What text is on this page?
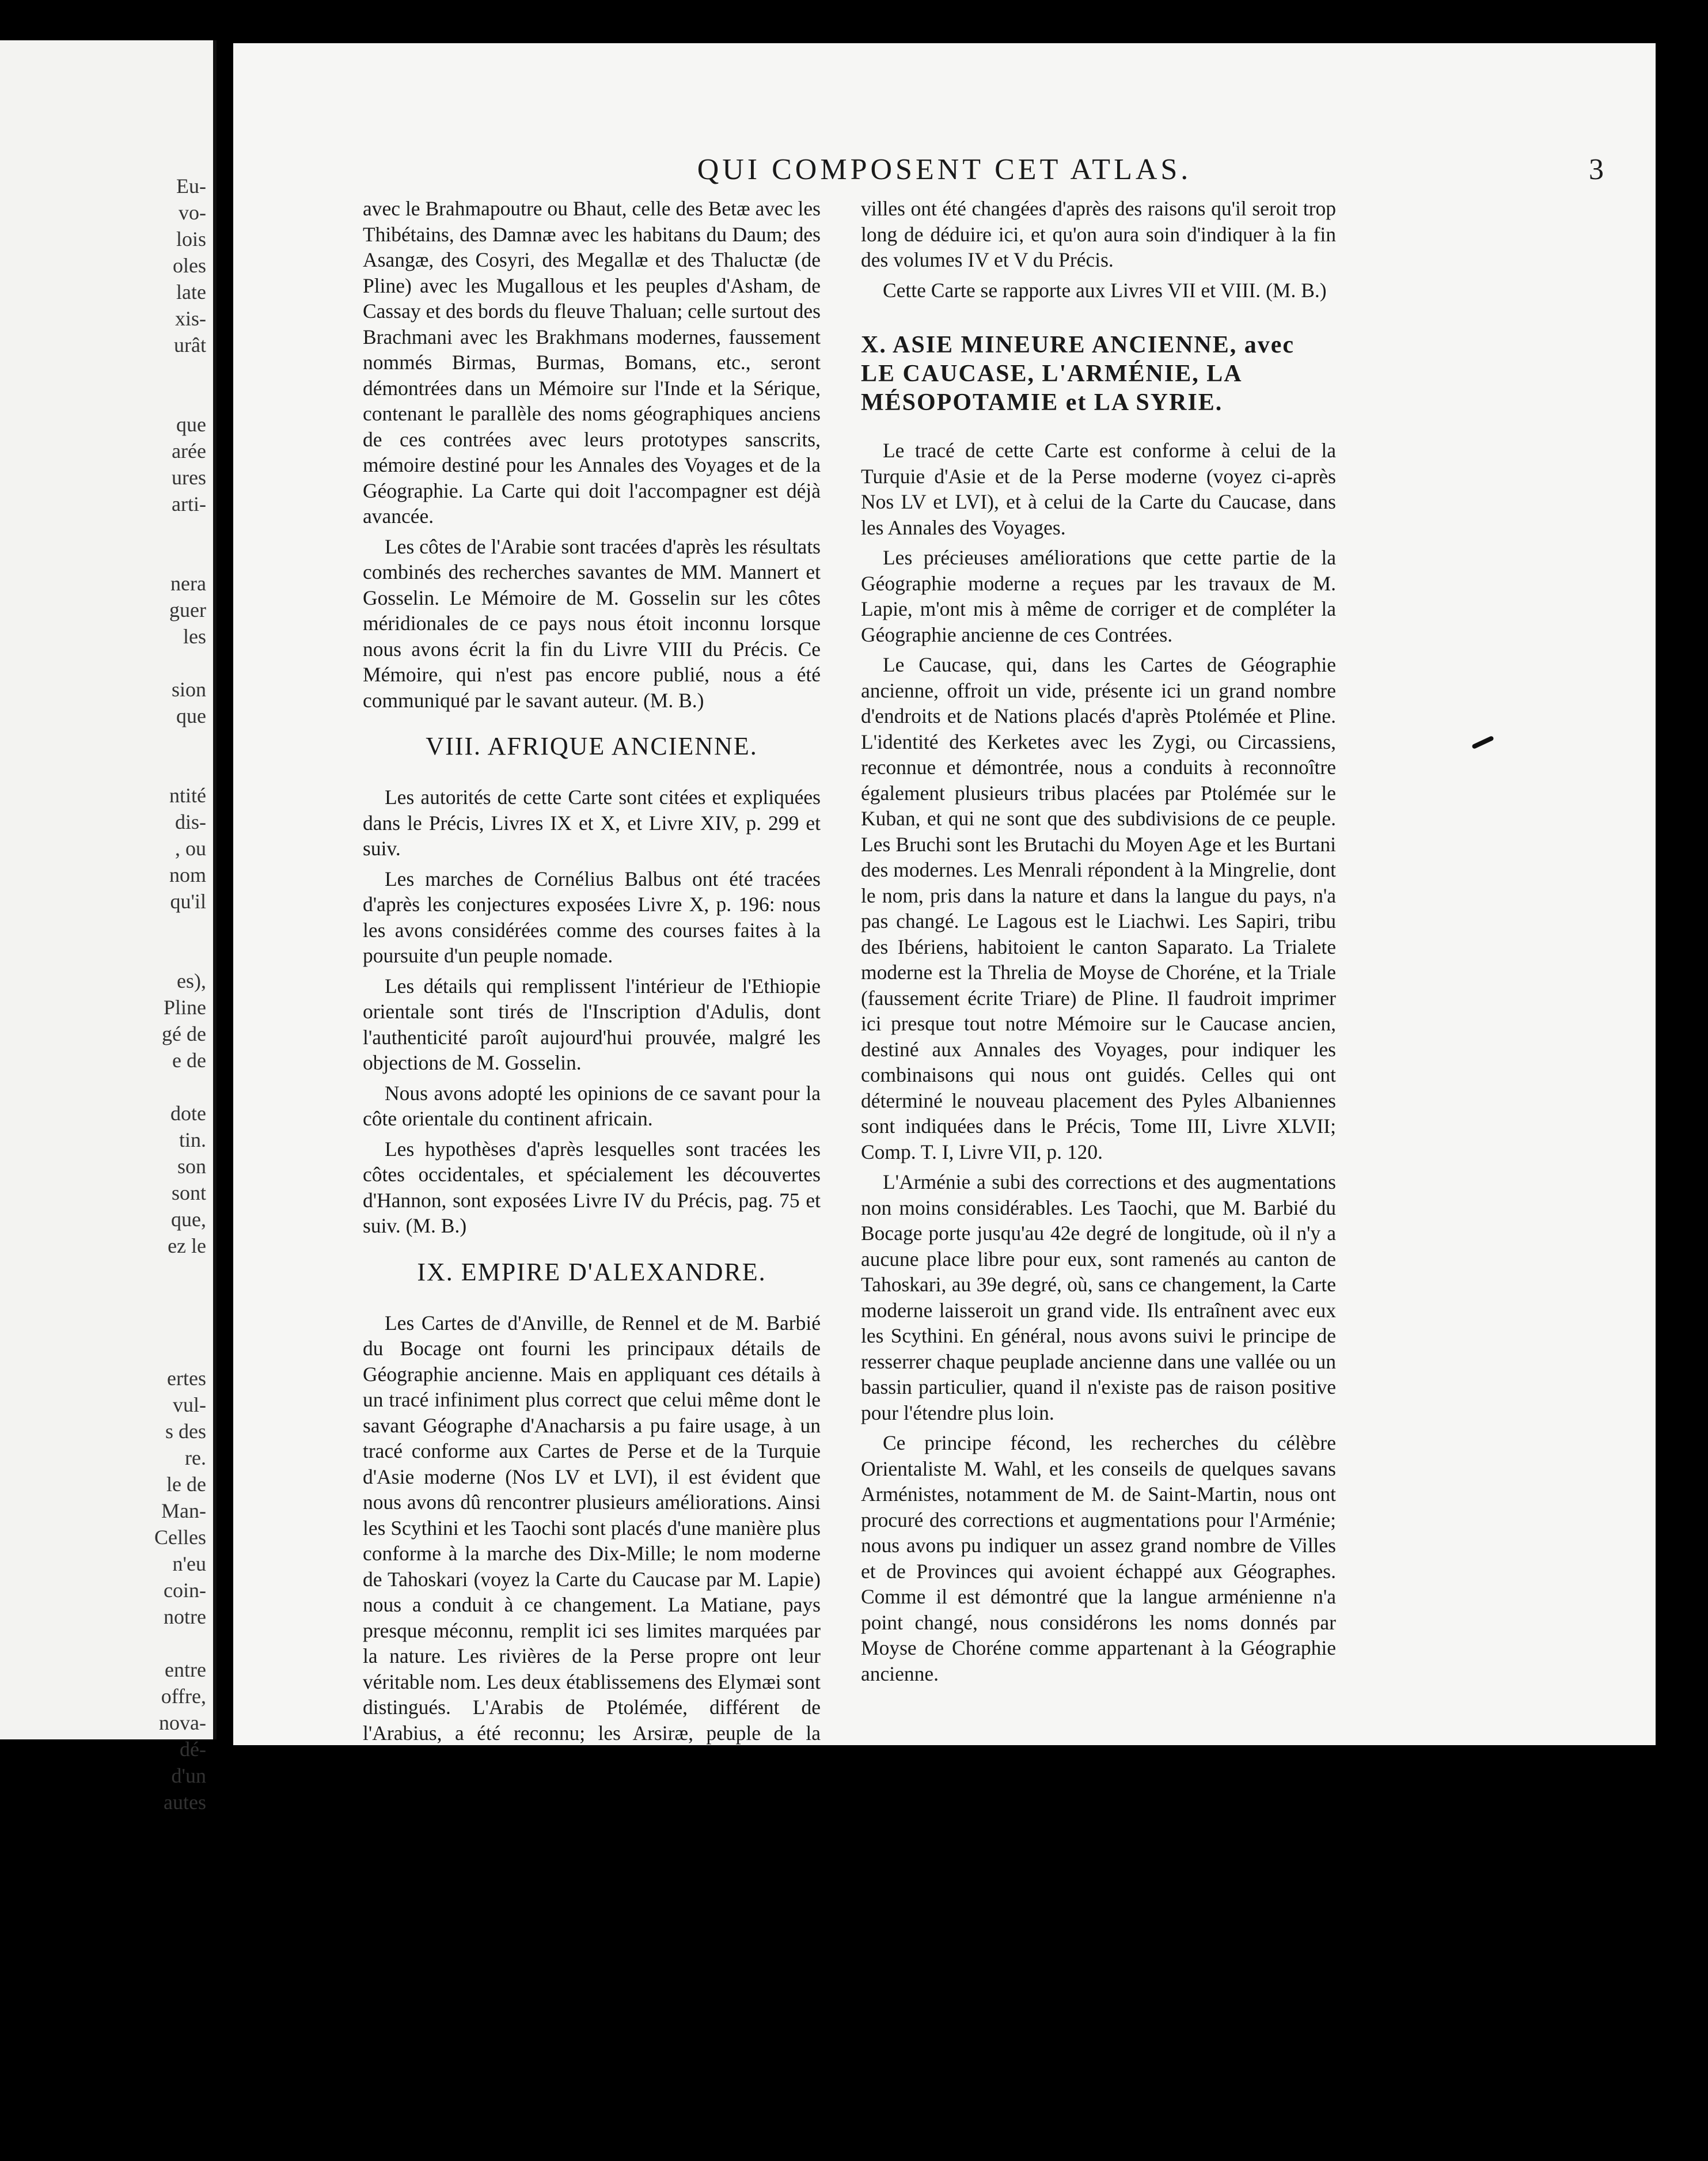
Eu-
vo-
lois
oles
late
xis-
urât
que
arée
ures
arti-
nera
guer
les
sion
que
ntité
dis-
, ou
nom
qu'il
es),
Pline
gé de
e de
dote
tin.
son
sont
que,
ez le
ertes
vul-
s des
re.
le de
Man-
Celles
n'eu
coin-
notre
entre
offre,
nova-
dé-
d'un
autes
QUI COMPOSENT CET ATLAS.	3

avec le Brahmapoutre ou Bhaut, celle des Betæ avec les Thibétains, des Damnæ avec les habitans du Daum; des Asangæ, des Cosyri, des Megallæ et des Thaluctæ (de Pline) avec les Mugallous et les peuples d'Asham, de Cassay et des bords du fleuve Thaluan; celle surtout des Brachmani avec les Brakhmans modernes, faussement nommés Birmas, Burmas, Bomans, etc., seront démontrées dans un Mémoire sur l'Inde et la Sérique, contenant le parallèle des noms géographiques anciens de ces contrées avec leurs prototypes sanscrits, mémoire destiné pour les Annales des Voyages et de la Géographie. La Carte qui doit l'accompagner est déjà avancée.

Les côtes de l'Arabie sont tracées d'après les résultats combinés des recherches savantes de MM. Mannert et Gosselin. Le Mémoire de M. Gosselin sur les côtes méridionales de ce pays nous étoit inconnu lorsque nous avons écrit la fin du Livre VIII du Précis. Ce Mémoire, qui n'est pas encore publié, nous a été communiqué par le savant auteur. (M. B.)

VIII. AFRIQUE ANCIENNE.

Les autorités de cette Carte sont citées et expliquées dans le Précis, Livres IX et X, et Livre XIV, p. 299 et suiv.

Les marches de Cornélius Balbus ont été tracées d'après les conjectures exposées Livre X, p. 196: nous les avons considérées comme des courses faites à la poursuite d'un peuple nomade.

Les détails qui remplissent l'intérieur de l'Ethiopie orientale sont tirés de l'Inscription d'Adulis, dont l'authenticité paroît aujourd'hui prouvée, malgré les objections de M. Gosselin.

Nous avons adopté les opinions de ce savant pour la côte orientale du continent africain.

Les hypothèses d'après lesquelles sont tracées les côtes occidentales, et spécialement les découvertes d'Hannon, sont exposées Livre IV du Précis, pag. 75 et suiv. (M. B.)

IX. EMPIRE D'ALEXANDRE.

Les Cartes de d'Anville, de Rennel et de M. Barbié du Bocage ont fourni les principaux détails de Géographie ancienne. Mais en appliquant ces détails à un tracé infiniment plus correct que celui même dont le savant Géographe d'Anacharsis a pu faire usage, à un tracé conforme aux Cartes de Perse et de la Turquie d'Asie moderne (Nos LV et LVI), il est évident que nous avons dû rencontrer plusieurs améliorations. Ainsi les Scythini et les Taochi sont placés d'une manière plus conforme à la marche des Dix-Mille; le nom moderne de Tahoskari (voyez la Carte du Caucase par M. Lapie) nous a conduit à ce changement. La Matiane, pays presque méconnu, remplit ici ses limites marquées par la nature. Les rivières de la Perse propre ont leur véritable nom. Les deux établissemens des Elymæi sont distingués. L'Arabis de Ptolémée, différent de l'Arabius, a été reconnu; les Arsiræ, peuple de la

villes ont été changées d'après des raisons qu'il seroit trop long de déduire ici, et qu'on aura soin d'indiquer à la fin des volumes IV et V du Précis.

Cette Carte se rapporte aux Livres VII et VIII. (M. B.)

X. ASIE MINEURE ANCIENNE, avec LE CAUCASE, L'ARMÉNIE, LA MÉSOPOTAMIE et LA SYRIE.

Le tracé de cette Carte est conforme à celui de la Turquie d'Asie et de la Perse moderne (voyez ci-après Nos LV et LVI), et à celui de la Carte du Caucase, dans les Annales des Voyages.

Les précieuses améliorations que cette partie de la Géographie moderne a reçues par les travaux de M. Lapie, m'ont mis à même de corriger et de compléter la Géographie ancienne de ces Contrées.

Le Caucase, qui, dans les Cartes de Géographie ancienne, offroit un vide, présente ici un grand nombre d'endroits et de Nations placés d'après Ptolémée et Pline. L'identité des Kerketes avec les Zygi, ou Circassiens, reconnue et démontrée, nous a conduits à reconnoître également plusieurs tribus placées par Ptolémée sur le Kuban, et qui ne sont que des subdivisions de ce peuple. Les Bruchi sont les Brutachi du Moyen Age et les Burtani des modernes. Les Menrali répondent à la Mingrelie, dont le nom, pris dans la nature et dans la langue du pays, n'a pas changé. Le Lagous est le Liachwi. Les Sapiri, tribu des Ibériens, habitoient le canton Saparato. La Trialete moderne est la Threlia de Moyse de Choréne, et la Triale (faussement écrite Triare) de Pline. Il faudroit imprimer ici presque tout notre Mémoire sur le Caucase ancien, destiné aux Annales des Voyages, pour indiquer les combinaisons qui nous ont guidés. Celles qui ont déterminé le nouveau placement des Pyles Albaniennes sont indiquées dans le Précis, Tome III, Livre XLVII; Comp. T. I, Livre VII, p. 120.

L'Arménie a subi des corrections et des augmentations non moins considérables. Les Taochi, que M. Barbié du Bocage porte jusqu'au 42e degré de longitude, où il n'y a aucune place libre pour eux, sont ramenés au canton de Tahoskari, au 39e degré, où, sans ce changement, la Carte moderne laisseroit un grand vide. Ils entraînent avec eux les Scythini. En général, nous avons suivi le principe de resserrer chaque peuplade ancienne dans une vallée ou un bassin particulier, quand il n'existe pas de raison positive pour l'étendre plus loin.

Ce principe fécond, les recherches du célèbre Orientaliste M. Wahl, et les conseils de quelques savans Arménistes, notamment de M. de Saint-Martin, nous ont procuré des corrections et augmentations pour l'Arménie; nous avons pu indiquer un assez grand nombre de Villes et de Provinces qui avoient échappé aux Géographes. Comme il est démontré que la langue arménienne n'a point changé, nous considérons les noms donnés par Moyse de Choréne comme appartenant à la Géographie ancienne.
